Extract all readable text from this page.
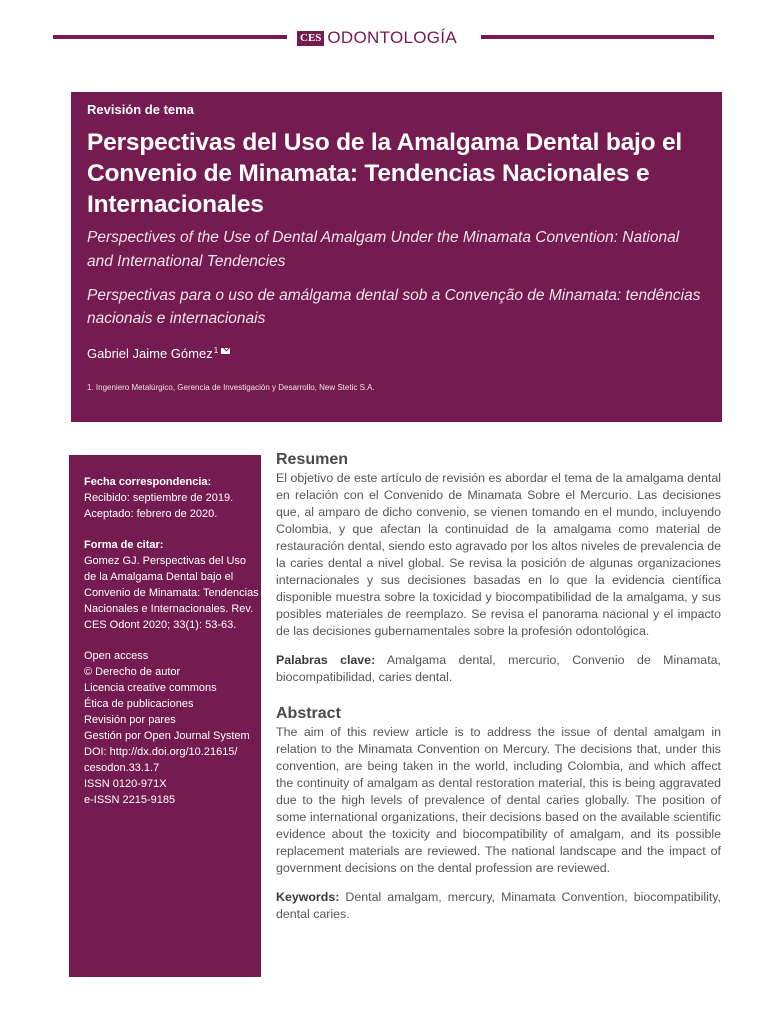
CES ODONTOLOGÍA
Revisión de tema
Perspectivas del Uso de la Amalgama Dental bajo el Convenio de Minamata: Tendencias Nacionales e Internacionales
Perspectives of the Use of Dental Amalgam Under the Minamata Convention: National and International Tendencies
Perspectivas para o uso de amálgama dental sob a Convenção de Minamata: tendências nacionais e internacionais
Gabriel Jaime Gómez$^1$
1. Ingeniero Metalúrgico, Gerencia de Investigación y Desarrollo, New Stetic S.A.
Fecha correspondencia:
Recibido: septiembre de 2019.
Aceptado: febrero de 2020.
Forma de citar:
Gomez GJ. Perspectivas del Uso
de la Amalgama Dental bajo el
Convenio de Minamata: Tendencias
Nacionales e Internacionales. Rev.
CES Odont 2020; 33(1): 53-63.
Open access
© Derecho de autor
Licencia creative commons
Ética de publicaciones
Revisión por pares
Gestión por Open Journal System
DOI: http://dx.doi.org/10.21615/
cesodon.33.1.7
ISSN 0120-971X
e-ISSN 2215-9185
Resumen

El objetivo de este artículo de revisión es abordar el tema de la amalgama dental en relación con el Convenido de Minamata Sobre el Mercurio. Las decisiones que, al amparo de dicho convenio, se vienen tomando en el mundo, incluyendo Colombia, y que afectan la continuidad de la amalgama como material de restauración dental, siendo esto agravado por los altos niveles de prevalencia de la caries dental a nivel global. Se revisa la posición de algunas organizaciones internacionales y sus decisiones basadas en lo que la evidencia científica disponible muestra sobre la toxicidad y biocompatibilidad de la amalgama, y sus posibles materiales de reemplazo. Se revisa el panorama nacional y el impacto de las decisiones gubernamentales sobre la profesión odontológica.

Palabras clave: Amalgama dental, mercurio, Convenio de Minamata, biocompatibilidad, caries dental.

Abstract

The aim of this review article is to address the issue of dental amalgam in relation to the Minamata Convention on Mercury. The decisions that, under this convention, are being taken in the world, including Colombia, and which affect the continuity of amalgam as dental restoration material, this is being aggravated due to the high levels of prevalence of dental caries globally. The position of some international organizations, their decisions based on the available scientific evidence about the toxicity and biocompatibility of amalgam, and its possible replacement materials are reviewed. The national landscape and the impact of government decisions on the dental profession are reviewed.

Keywords: Dental amalgam, mercury, Minamata Convention, biocompatibility, dental caries.
